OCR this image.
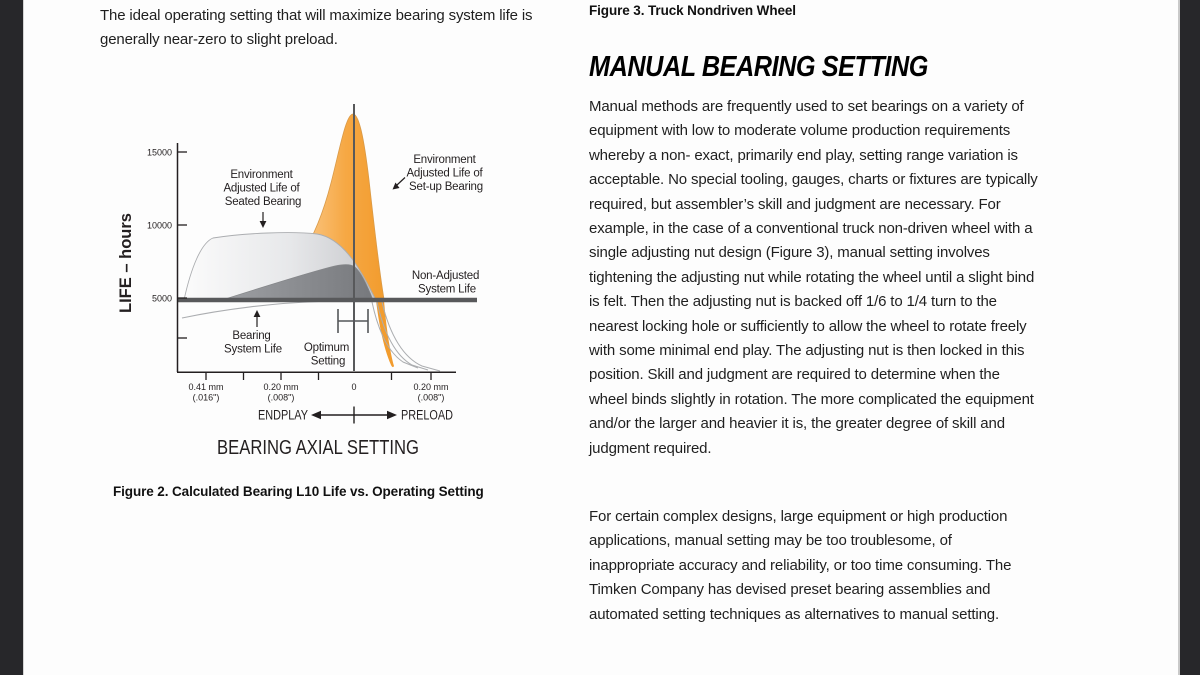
The ideal operating setting that will maximize bearing system life is generally near-zero to slight preload.

15000
10000
5000
0.41 mm
(.016")
0.20 mm
(.008")
0	0.20 mm
(.008")
Environment Adjusted Life of Seated Bearing
Environment Adjusted Life of Set-up Bearing
Non-Adjusted System Life
Bearing System Life Optimum Setting
ENDPLAY	PRELOAD
BEARING AXIAL SETTING
LIFE – hours
Figure 2. Calculated Bearing L10 Life vs. Operating Setting
Figure 3. Truck Nondriven Wheel
MANUAL BEARING SETTING

Manual methods are frequently used to set bearings on a variety of equipment with low to moderate volume production requirements whereby a non- exact, primarily end play, setting range variation is acceptable. No special tooling, gauges, charts or fixtures are typically required, but assembler’s skill and judgment are necessary. For example, in the case of a conventional truck non-driven wheel with a single adjusting nut design (Figure 3), manual setting involves tightening the adjusting nut while rotating the wheel until a slight bind is felt. Then the adjusting nut is backed off 1/6 to 1/4 turn to the nearest locking hole or sufficiently to allow the wheel to rotate freely with some minimal end play. The adjusting nut is then locked in this position. Skill and judgment are required to determine when the wheel binds slightly in rotation. The more complicated the equipment and/or the larger and heavier it is, the greater degree of skill and judgment required.

For certain complex designs, large equipment or high production applications, manual setting may be too troublesome, of inappropriate accuracy and reliability, or too time consuming. The Timken Company has devised preset bearing assemblies and automated setting techniques as alternatives to manual setting.
